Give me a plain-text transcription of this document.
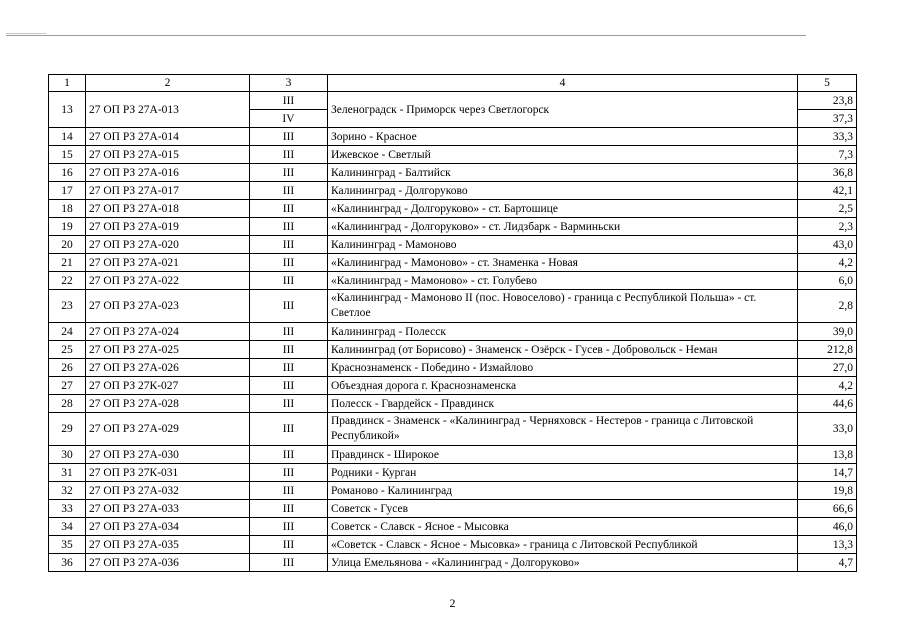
1	2	3	4	5
13	27 ОП РЗ 27А-013	III	Зеленоградск - Приморск через Светлогорск	23,8
		IV		37,3
14	27 ОП РЗ 27А-014	III	Зорино - Красное	33,3
15	27 ОП РЗ 27А-015	III	Ижевское - Светлый	7,3
16	27 ОП РЗ 27А-016	III	Калининград - Балтийск	36,8
17	27 ОП РЗ 27А-017	III	Калининград - Долгоруково	42,1
18	27 ОП РЗ 27А-018	III	«Калининград - Долгоруково» - ст. Бартошице	2,5
19	27 ОП РЗ 27А-019	III	«Калининград - Долгоруково» - ст. Лидзбарк - Варминьски	2,3
20	27 ОП РЗ 27А-020	III	Калининград - Мамоново	43,0
21	27 ОП РЗ 27А-021	III	«Калининград - Мамоново» - ст. Знаменка - Новая	4,2
22	27 ОП РЗ 27А-022	III	«Калининград - Мамоново» - ст. Голубево	6,0
23	27 ОП РЗ 27А-023	III	«Калининград - Мамоново II (пос. Новоселово) - граница с Республикой Польша» - ст. Светлое	2,8
24	27 ОП РЗ 27А-024	III	Калининград - Полесск	39,0
25	27 ОП РЗ 27А-025	III	Калининград (от Борисово) - Знаменск - Озёрск - Гусев - Добровольск - Неман	212,8
26	27 ОП РЗ 27А-026	III	Краснознаменск - Победино - Измайлово	27,0
27	27 ОП РЗ 27К-027	III	Объездная дорога г. Краснознаменска	4,2
28	27 ОП РЗ 27А-028	III	Полесск - Гвардейск - Правдинск	44,6
29	27 ОП РЗ 27А-029	III	Правдинск - Знаменск - «Калининград - Черняховск - Нестеров - граница с Литовской Республикой»	33,0
30	27 ОП РЗ 27А-030	III	Правдинск - Широкое	13,8
31	27 ОП РЗ 27К-031	III	Родники - Курган	14,7
32	27 ОП РЗ 27А-032	III	Романово - Калининград	19,8
33	27 ОП РЗ 27А-033	III	Советск - Гусев	66,6
34	27 ОП РЗ 27А-034	III	Советск - Славск - Ясное - Мысовка	46,0
35	27 ОП РЗ 27А-035	III	«Советск - Славск - Ясное - Мысовка» - граница с Литовской Республикой	13,3
36	27 ОП РЗ 27А-036	III	Улица Емельянова - «Калининград - Долгоруково»	4,7
2
